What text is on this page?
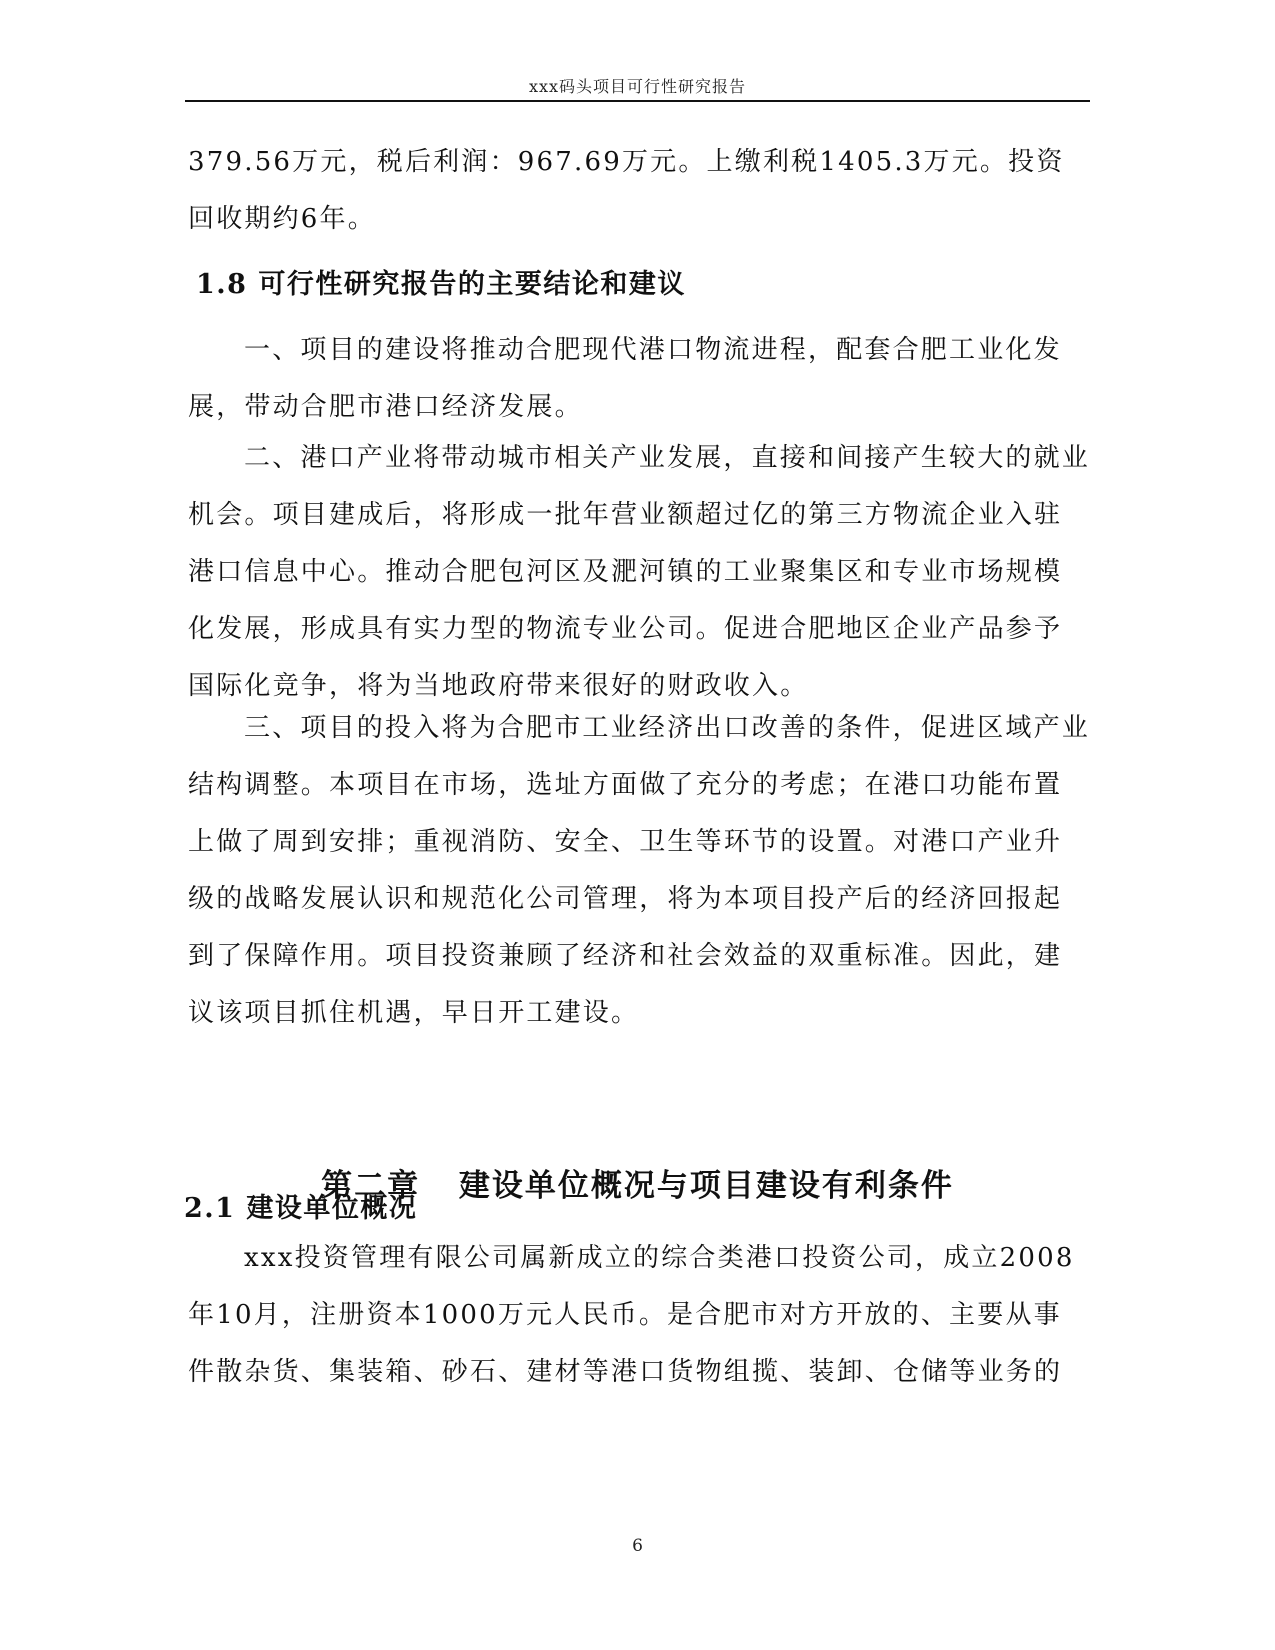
xxx码头项目可行性研究报告

379.56万元，税后利润：967.69万元。上缴利税1405.3万元。投资回收期约6年。

1.8 可行性研究报告的主要结论和建议

一、项目的建设将推动合肥现代港口物流进程，配套合肥工业化发展，带动合肥市港口经济发展。

二、港口产业将带动城市相关产业发展，直接和间接产生较大的就业机会。项目建成后，将形成一批年营业额超过亿的第三方物流企业入驻港口信息中心。推动合肥包河区及淝河镇的工业聚集区和专业市场规模化发展，形成具有实力型的物流专业公司。促进合肥地区企业产品参予国际化竞争，将为当地政府带来很好的财政收入。

三、项目的投入将为合肥市工业经济出口改善的条件，促进区域产业结构调整。本项目在市场，选址方面做了充分的考虑；在港口功能布置上做了周到安排；重视消防、安全、卫生等环节的设置。对港口产业升级的战略发展认识和规范化公司管理，将为本项目投产后的经济回报起到了保障作用。项目投资兼顾了经济和社会效益的双重标准。因此，建议该项目抓住机遇，早日开工建设。

第二章 建设单位概况与项目建设有利条件
2.1 建设单位概况

xxx投资管理有限公司属新成立的综合类港口投资公司，成立2008年10月，注册资本1000万元人民币。是合肥市对方开放的、主要从事件散杂货、集装箱、砂石、建材等港口货物组揽、装卸、仓储等业务的

6
